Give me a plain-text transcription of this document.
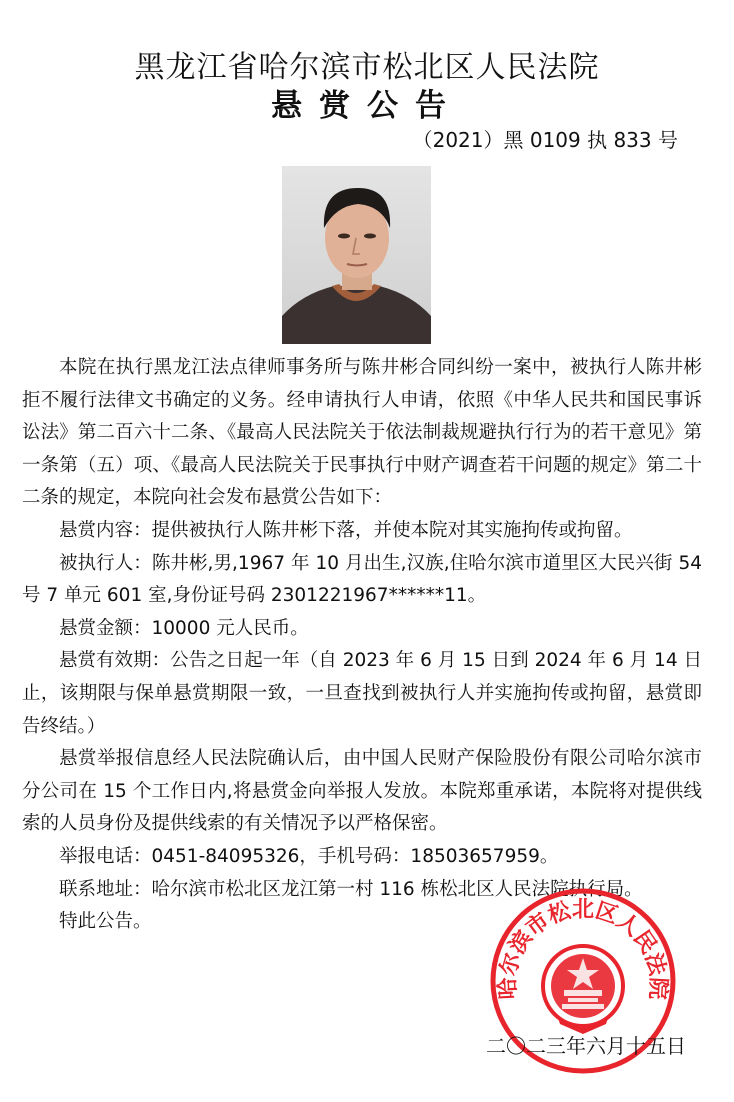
黑龙江省哈尔滨市松北区人民法院
悬赏公告
（2021）黑 0109 执 833 号

本院在执行黑龙江法点律师事务所与陈井彬合同纠纷一案中，被执行人陈井彬拒不履行法律文书确定的义务。经申请执行人申请，依照《中华人民共和国民事诉讼法》第二百六十二条、《最高人民法院关于依法制裁规避执行行为的若干意见》第一条第（五）项、《最高人民法院关于民事执行中财产调查若干问题的规定》第二十二条的规定，本院向社会发布悬赏公告如下：

悬赏内容：提供被执行人陈井彬下落，并使本院对其实施拘传或拘留。

被执行人：陈井彬,男,1967 年 10 月出生,汉族,住哈尔滨市道里区大民兴街 54 号 7 单元 601 室,身份证号码 2301221967******11。

悬赏金额：10000 元人民币。

悬赏有效期：公告之日起一年（自 2023 年 6 月 15 日到 2024 年 6 月 14 日止，该期限与保单悬赏期限一致，一旦查找到被执行人并实施拘传或拘留，悬赏即告终结。）

悬赏举报信息经人民法院确认后，由中国人民财产保险股份有限公司哈尔滨市分公司在 15 个工作日内,将悬赏金向举报人发放。本院郑重承诺，本院将对提供线索的人员身份及提供线索的有关情况予以严格保密。

举报电话：0451-84095326，手机号码：18503657959。

联系地址：哈尔滨市松北区龙江第一村 116 栋松北区人民法院执行局。

特此公告。

哈尔滨市松北区人民法院
二〇二三年六月十五日
